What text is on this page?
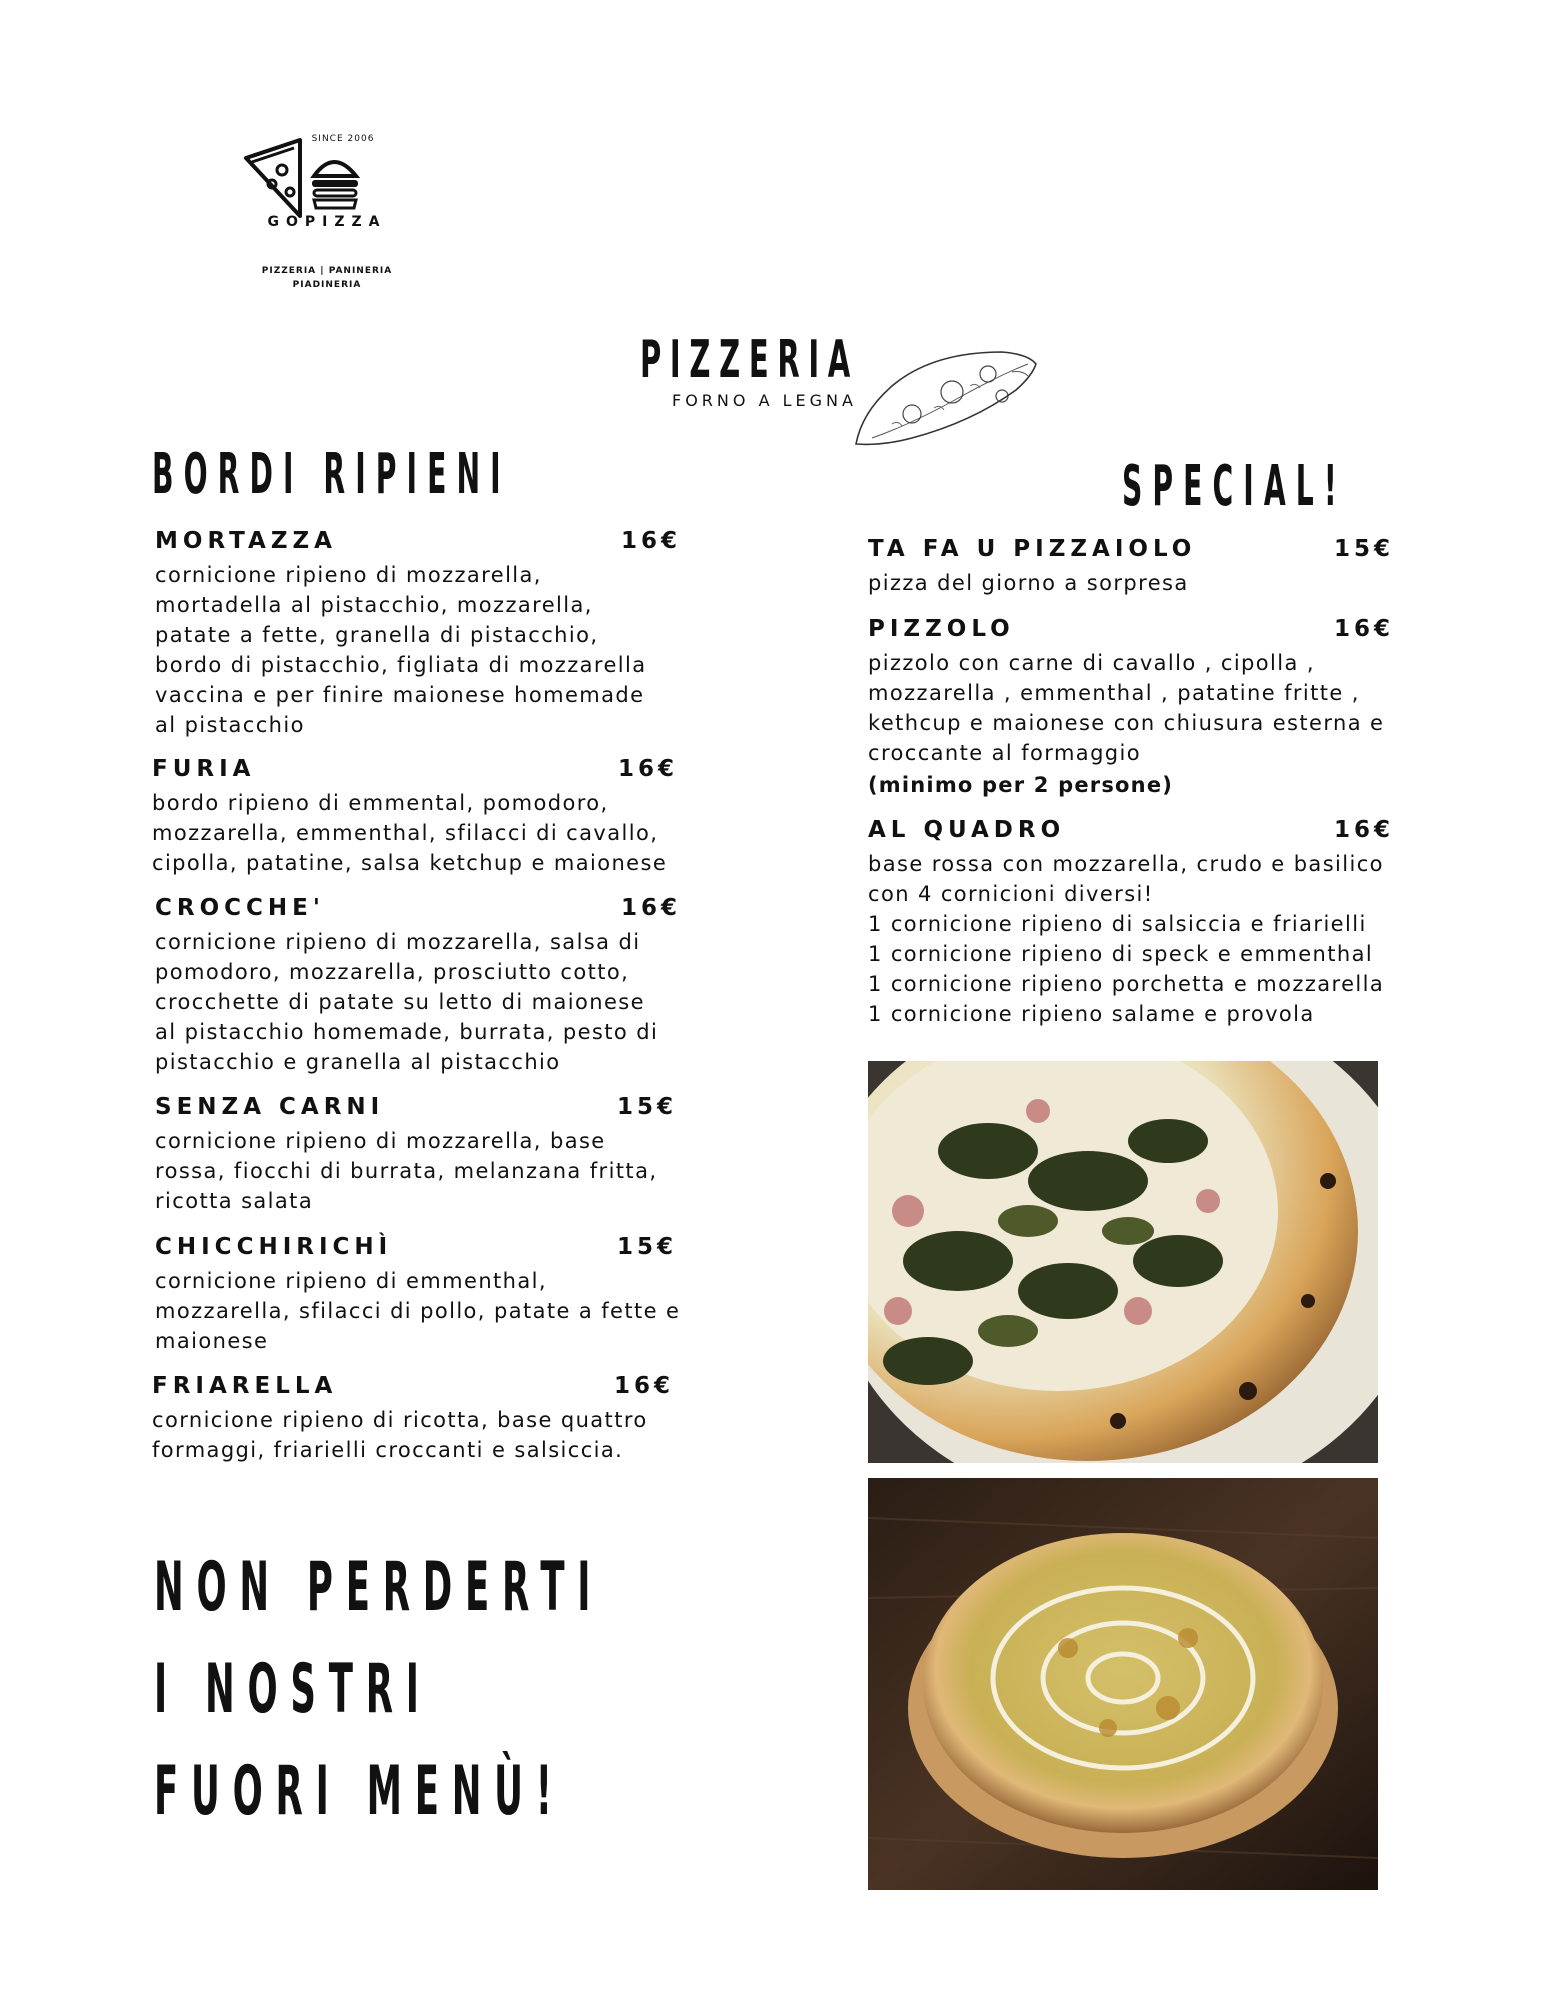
SINCE 2006
GOPIZZA
PIZZERIA | PANINERIA
PIADINERIA
PIZZERIA
FORNO A LEGNA
BORDI RIPIENI
MORTAZZA	16€
cornicione ripieno di mozzarella,
mortadella al pistacchio, mozzarella,
patate a fette, granella di pistacchio,
bordo di pistacchio, figliata di mozzarella
vaccina e per finire maionese homemade
al pistacchio
FURIA	16€
bordo ripieno di emmental, pomodoro,
mozzarella, emmenthal, sfilacci di cavallo,
cipolla, patatine, salsa ketchup e maionese
CROCCHE'	16€
cornicione ripieno di mozzarella, salsa di
pomodoro, mozzarella, prosciutto cotto,
crocchette di patate su letto di maionese
al pistacchio homemade, burrata, pesto di
pistacchio e granella al pistacchio
SENZA CARNI	15€
cornicione ripieno di mozzarella, base
rossa, fiocchi di burrata, melanzana fritta,
ricotta salata
CHICCHIRICHÌ	15€
cornicione ripieno di emmenthal,
mozzarella, sfilacci di pollo, patate a fette e
maionese
FRIARELLA	16€
cornicione ripieno di ricotta, base quattro
formaggi, friarielli croccanti e salsiccia.
NON PERDERTI
I NOSTRI
FUORI MENÙ!
SPECIAL!
TA FA U PIZZAIOLO	15€
pizza del giorno a sorpresa
PIZZOLO	16€
pizzolo con carne di cavallo , cipolla ,
mozzarella , emmenthal , patatine fritte ,
kethcup e maionese con chiusura esterna e
croccante al formaggio
(minimo per 2 persone)
AL QUADRO	16€
base rossa con mozzarella, crudo e basilico
con 4 cornicioni diversi!
1 cornicione ripieno di salsiccia e friarielli
1 cornicione ripieno di speck e emmenthal
1 cornicione ripieno porchetta e mozzarella
1 cornicione ripieno salame e provola
